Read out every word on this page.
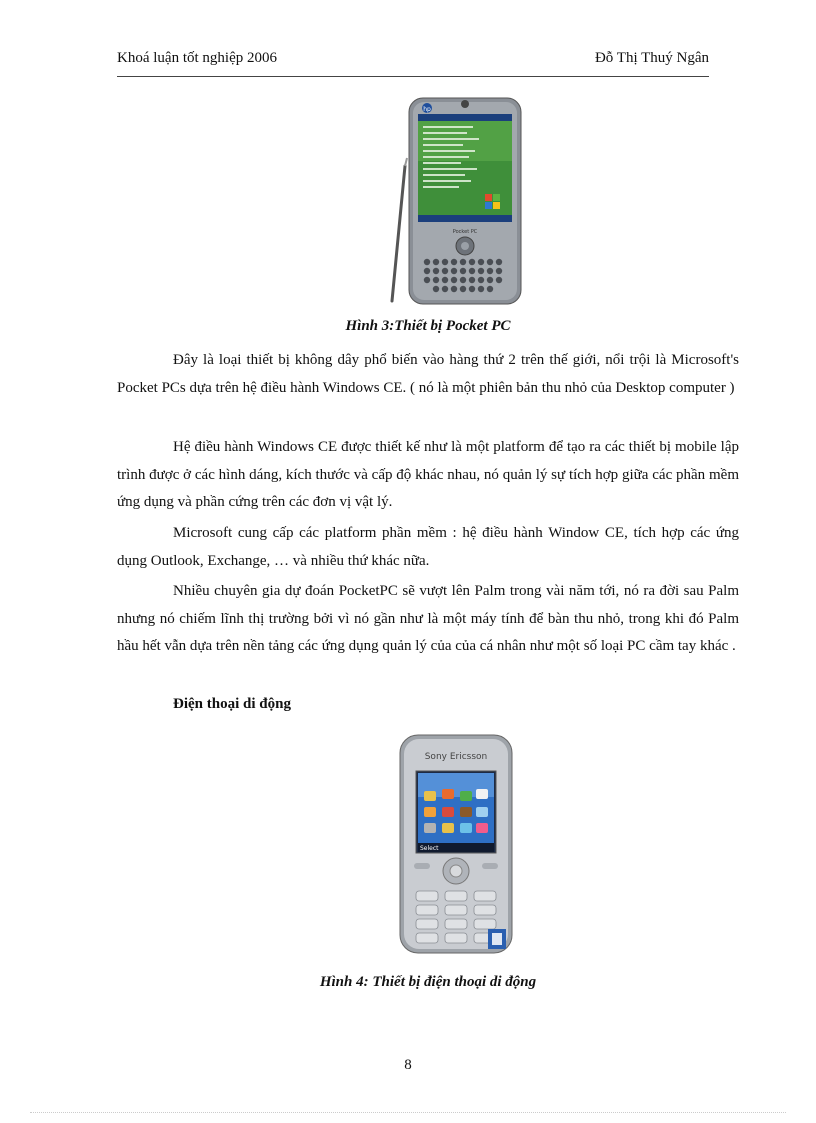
Khoá luận tốt nghiệp 2006	Đỗ Thị Thuý Ngân
hp
Pocket PC
Hình 3:Thiết bị Pocket PC

Đây là loại thiết bị không dây phổ biến vào hàng thứ 2 trên thế giới, nổi trội là Microsoft's Pocket PCs dựa trên hệ điều hành Windows CE. ( nó là một phiên bản thu nhỏ của Desktop computer )

Hệ điều hành Windows CE được thiết kế như là một platform để tạo ra các thiết bị mobile lập trình được ở các hình dáng, kích thước và cấp độ khác nhau, nó quản lý sự tích hợp giữa các phần mềm ứng dụng và phần cứng trên các đơn vị vật lý.

Microsoft cung cấp các platform phần mềm : hệ điều hành Window CE, tích hợp các ứng dụng Outlook, Exchange, … và nhiều thứ khác nữa.

Nhiều chuyên gia dự đoán PocketPC sẽ vượt lên Palm trong vài năm tới, nó ra đời sau Palm nhưng nó chiếm lĩnh thị trường bởi vì nó gần như là một máy tính để bàn thu nhỏ, trong khi đó Palm hầu hết vẫn dựa trên nền tảng các ứng dụng quản lý của của cá nhân như một số loại PC cầm tay khác .

Điện thoại di động
Sony Ericsson
Select
Hình 4: Thiết bị điện thoại di động
8
